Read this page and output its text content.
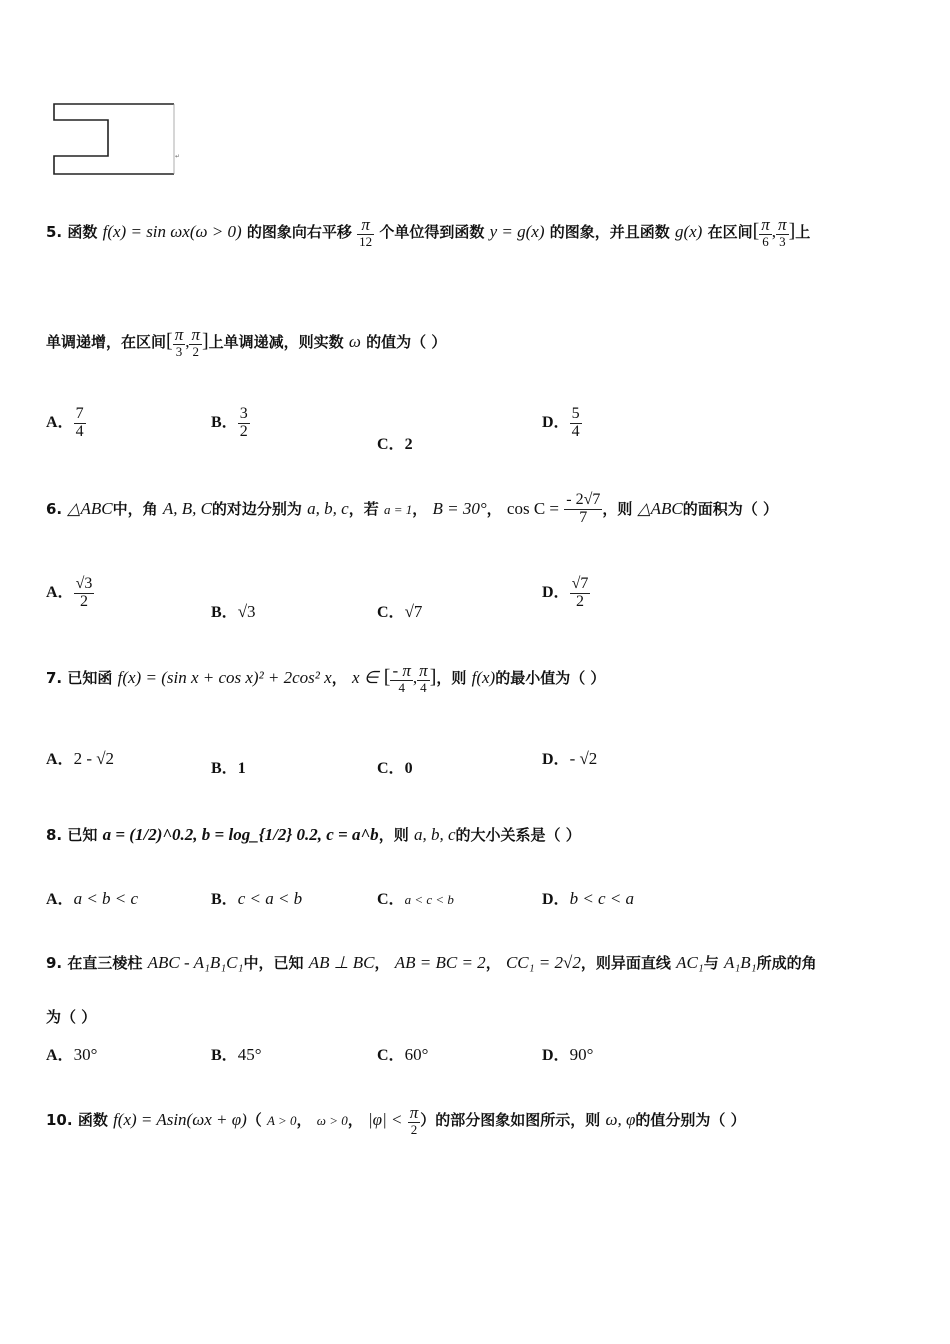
↵
5. 函数 f(x) = sin ωx(ω > 0) 的图象向右平移 $\frac{\pi}{12}$ 个单位得到函数 y = g(x) 的图象，并且函数 g(x) 在区间[ $\frac{\pi}{6}$ , $\frac{\pi}{3}$ ]上
单调递增，在区间[ $\frac{\pi}{3}$ , $\frac{\pi}{2}$ ]上单调递减，则实数 ω 的值为（ ）
A． $\frac{7}{4}$	B． $\frac{3}{2}$
C．2
D． $\frac{5}{4}$
6. △ABC中，角 A, B, C的对边分别为 a, b, c，若 a = 1， B = 30°， $\cos C = \frac{- 2√7}{7}$ ，则 △ABC的面积为（ ）
A． $\frac{√3}{2}$
B．√3	C．√7
D． $\frac{√7}{2}$
7. 已知函 f(x) = (sin x + cos x)² + 2cos² x， x ∈ [ $\frac{- \pi}{4}$ , $\frac{\pi}{4}$ ]，则 f(x)的最小值为（ ）
A．2 - √2
B．1	C．0
D．- √2
8. 已知 a = (1/2)^0.2, b = log_{1/2} 0.2, c = a^b，则 a, b, c的大小关系是（ ）
A．a < b < c	B．c < a < b	C．a < c < b	D．b < c < a
9. 在直三棱柱 ABC - A₁B₁C₁中，已知 AB ⊥ BC， AB = BC = 2， CC₁ = 2√2，则异面直线 AC₁与 A₁B₁所成的角
为（ ）
A．30°	B．45°	C．60°	D．90°
10. 函数 f(x) = Asin(ωx + φ)（ A > 0， ω > 0， $|\varphi| < \frac{\pi}{2}$ ）的部分图象如图所示，则 ω, φ的值分别为（ ）
